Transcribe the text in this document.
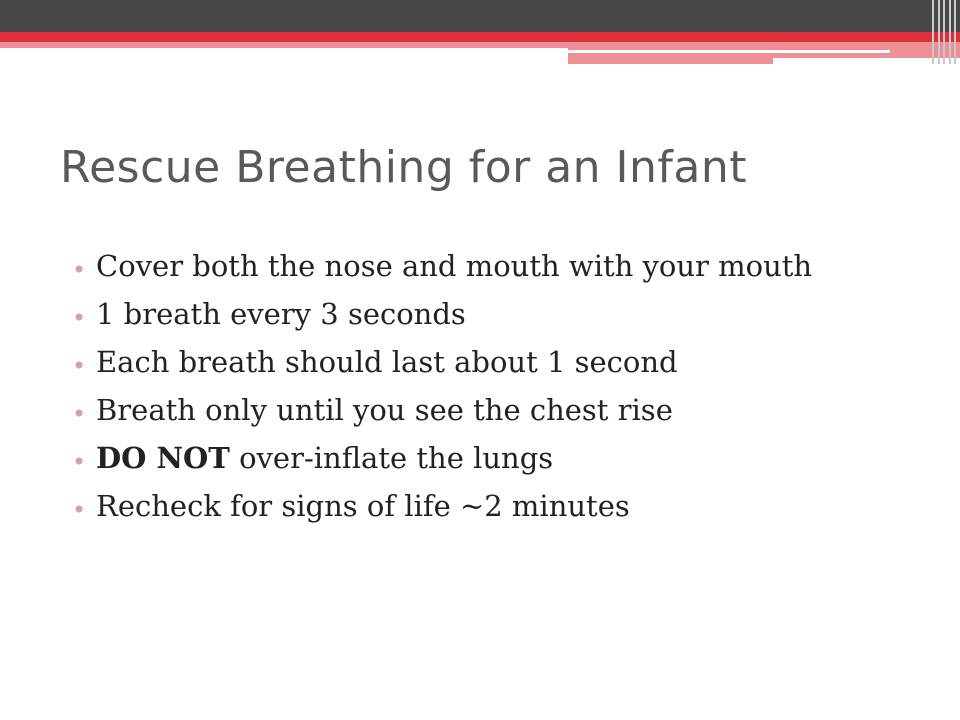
Rescue Breathing for an Infant
• Cover both the nose and mouth with your mouth
• 1 breath every 3 seconds
• Each breath should last about 1 second
• Breath only until you see the chest rise
• DO NOT over-inflate the lungs
• Recheck for signs of life ~2 minutes
